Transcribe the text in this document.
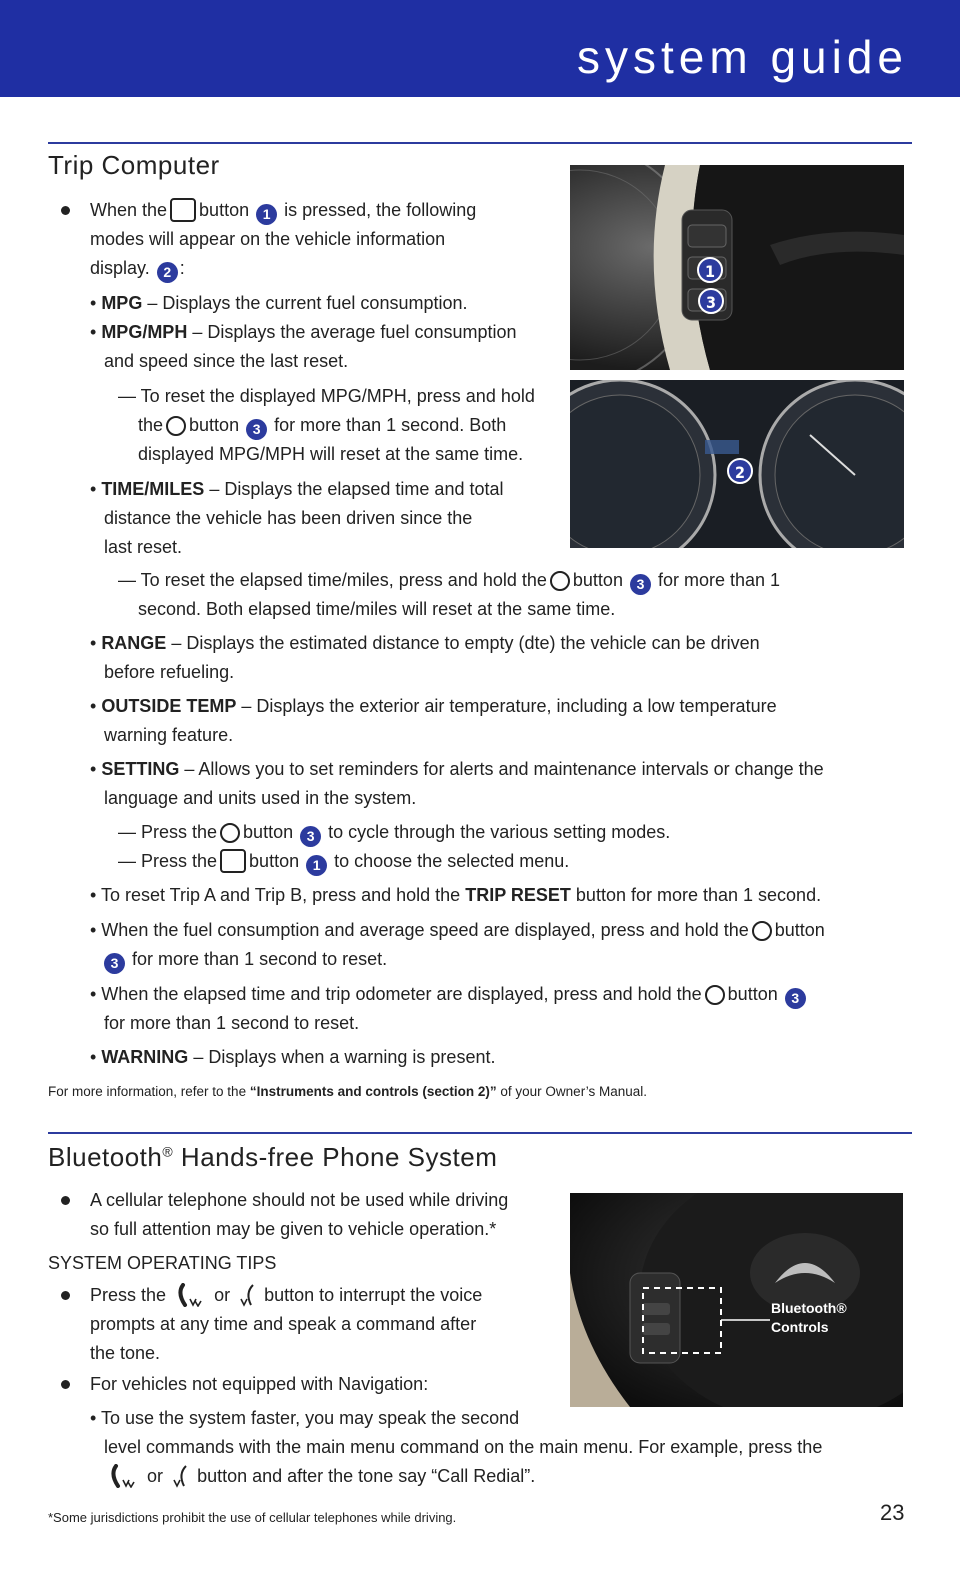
system guide
Trip Computer
When the button 1 is pressed, the following
modes will appear on the vehicle information
display. 2 :
• MPG – Displays the current fuel consumption.
• MPG/MPH – Displays the average fuel consumption
and speed since the last reset.
— To reset the displayed MPG/MPH, press and hold
the button 3 for more than 1 second. Both
displayed MPG/MPH will reset at the same time.
• TIME/MILES – Displays the elapsed time and total
distance the vehicle has been driven since the
last reset.
— To reset the elapsed time/miles, press and hold the button 3 for more than 1
second. Both elapsed time/miles will reset at the same time.
• RANGE – Displays the estimated distance to empty (dte) the vehicle can be driven
before refueling.
• OUTSIDE TEMP – Displays the exterior air temperature, including a low temperature
warning feature.
• SETTING – Allows you to set reminders for alerts and maintenance intervals or change the
language and units used in the system.
— Press the button 3 to cycle through the various setting modes.
— Press the button 1 to choose the selected menu.
• To reset Trip A and Trip B, press and hold the TRIP RESET button for more than 1 second.
• When the fuel consumption and average speed are displayed, press and hold the button
3 for more than 1 second to reset.
• When the elapsed time and trip odometer are displayed, press and hold the button 3
for more than 1 second to reset.
• WARNING – Displays when a warning is present.
For more information, refer to the “Instruments and controls (section 2)” of your Owner’s Manual.
1
3
2
Bluetooth® Hands-free Phone System
A cellular telephone should not be used while driving
so full attention may be given to vehicle operation.*
SYSTEM OPERATING TIPS
Press the	or button to interrupt the voice
prompts at any time and speak a command after
the tone.
For vehicles not equipped with Navigation:
• To use the system faster, you may speak the second
level commands with the main menu command on the main menu. For example, press the
or button and after the tone say “Call Redial”.
Bluetooth®
Controls
*Some jurisdictions prohibit the use of cellular telephones while driving.	23
